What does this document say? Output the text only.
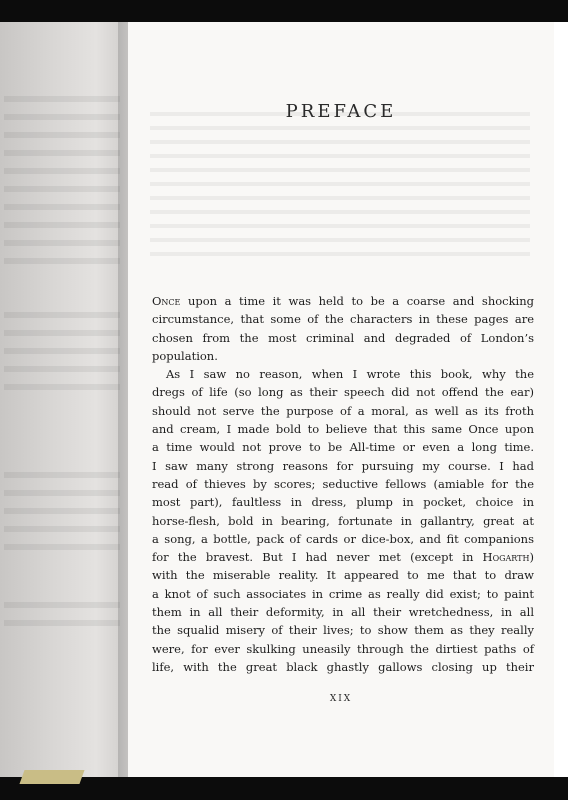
PREFACE
Once upon a time it was held to be a coarse and shocking
circumstance, that some of the characters in these pages are
chosen from the most criminal and degraded of London’s
population.
As I saw no reason, when I wrote this book, why the
dregs of life (so long as their speech did not offend the ear)
should not serve the purpose of a moral, as well as its froth
and cream, I made bold to believe that this same Once upon
a time would not prove to be All-time or even a long time.
I saw many strong reasons for pursuing my course. I had
read of thieves by scores; seductive fellows (amiable for the
most part), faultless in dress, plump in pocket, choice in
horse-flesh, bold in bearing, fortunate in gallantry, great at
a song, a bottle, pack of cards or dice-box, and fit companions
for the bravest. But I had never met (except in Hogarth)
with the miserable reality. It appeared to me that to draw
a knot of such associates in crime as really did exist; to paint
them in all their deformity, in all their wretchedness, in all
the squalid misery of their lives; to show them as they really
were, for ever skulking uneasily through the dirtiest paths of
life, with the great black ghastly gallows closing up their
XIX
